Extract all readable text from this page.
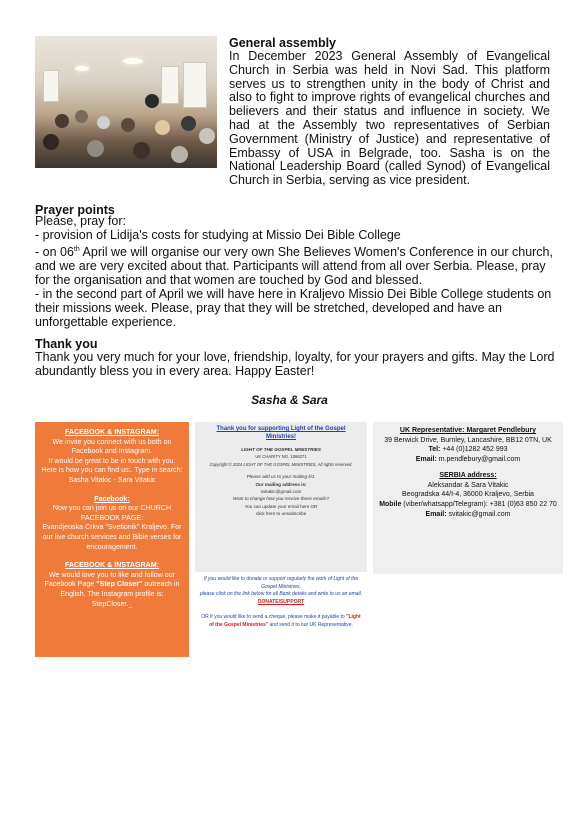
General assembly
In December 2023 General Assembly of Evangelical Church in Serbia was held in Novi Sad. This platform serves us to strengthen unity in the body of Christ and also to fight to improve rights of evangelical churches and believers and their status and influence in society. We had at the Assembly two representatives of Serbian Government (Ministry of Justice) and representative of Embassy of USA in Belgrade, too. Sasha is on the National Leadership Board (called Synod) of Evangelical Church in Serbia, serving as vice president.
Prayer points

Please, pray for:

- provision of Lidija's costs for studying at Missio Dei Bible College

- on 06th April we will organise our very own She Believes Women's Conference in our church, and we are very excited about that. Participants will attend from all over Serbia. Please, pray for the organisation and that women are touched by God and blessed.

- in the second part of April we will have here in Kraljevo Missio Dei Bible College students on their missions week. Please, pray that they will be stretched, developed and have an unforgettable experience.

Thank you
Thank you very much for your love, friendship, loyalty, for your prayers and gifts. May the Lord abundantly bless you in every area. Happy Easter!
Sasha & Sara
FACEBOOK & INSTAGRAM:
We invite you connect with us both on Facebook and Instagram.
It would be great to be in touch with you.
Here is how you can find us:. Type in search: Sasha Vitakic - Sara Vitakic
Facebook:
Now you can join us on our CHURCH FACEBOOK PAGE:
Evandjeoska Crkva "Svetionik" Kraljevo. For our live church services and Bible verses for encouragement.
FACEBOOK & INSTAGRAM:
We would love you to like and follow our Facebook Page "Step Closer" outreach in English. The Instagram profile is: StepCloser._
Thank you for supporting Light of the Gospel Ministries!
LIGHT OF THE GOSPEL MINISTRIES
UK CHARITY NO. 1066271
Copyright © 2024 LIGHT OF THE GOSPEL MINISTRIES, All rights reserved.
Please add us to your mailing list.
Our mailing address is:
svitakic@gmail.com
Want to change how you receive these emails?
You can update your email here OR
click here to unsubscribe
If you would like to donate or support regularly the work of Light of the Gospel Ministries,
please click on the link below for all Bank details and write to us an email.
DONATE/SUPPORT
OR if you would like to send a cheque, please make it payable to "Light of the Gospel Ministries" and send it to our UK Representative.
UK Representative: Margaret Pendlebury
39 Berwick Drive, Burnley, Lancashire, BB12 0TN, UK
Tel: +44 (0)1282 452 993
Email: m.pendlebury@gmail.com
SERBIA address:
Aleksandar & Sara Vitakic
Beogradska 44/I-4, 36000 Kraljevo, Serbia
Mobile (viber/whatsapp/Telegram): +381 (0)63 850 22 70
Email: svitakic@gmail.com
